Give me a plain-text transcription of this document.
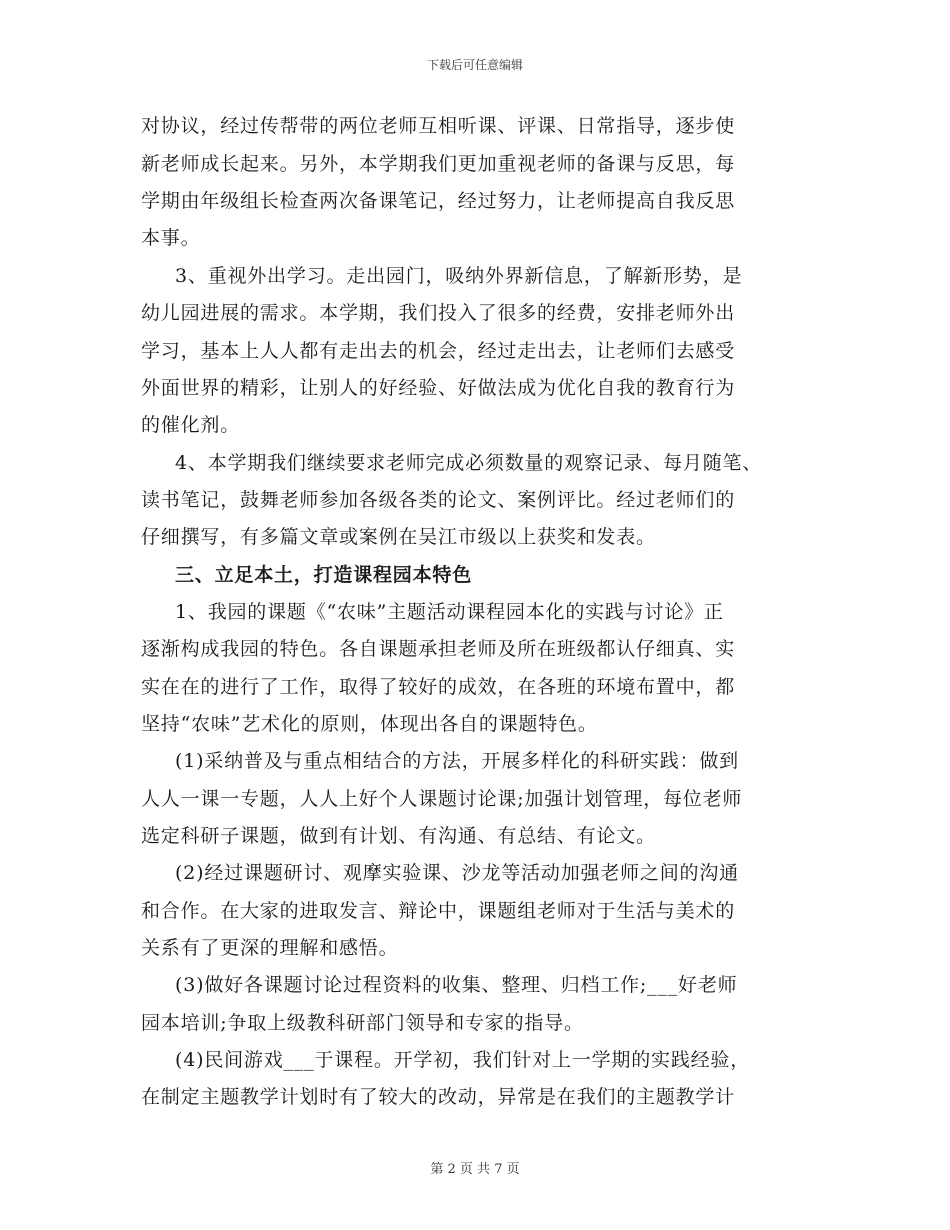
下载后可任意编辑
对协议，经过传帮带的两位老师互相听课、评课、日常指导，逐步使
新老师成长起来。另外，本学期我们更加重视老师的备课与反思，每
学期由年级组长检查两次备课笔记，经过努力，让老师提高自我反思
本事。
3、重视外出学习。走出园门，吸纳外界新信息，了解新形势，是
幼儿园进展的需求。本学期，我们投入了很多的经费，安排老师外出
学习，基本上人人都有走出去的机会，经过走出去，让老师们去感受
外面世界的精彩，让别人的好经验、好做法成为优化自我的教育行为
的催化剂。
4、本学期我们继续要求老师完成必须数量的观察记录、每月随笔、
读书笔记，鼓舞老师参加各级各类的论文、案例评比。经过老师们的
仔细撰写，有多篇文章或案例在吴江市级以上获奖和发表。
三、立足本土，打造课程园本特色
1、我园的课题《“农味”主题活动课程园本化的实践与讨论》正
逐渐构成我园的特色。各自课题承担老师及所在班级都认仔细真、实
实在在的进行了工作，取得了较好的成效，在各班的环境布置中，都
坚持“农味”艺术化的原则，体现出各自的课题特色。
(1)采纳普及与重点相结合的方法，开展多样化的科研实践：做到
人人一课一专题，人人上好个人课题讨论课;加强计划管理，每位老师
选定科研子课题，做到有计划、有沟通、有总结、有论文。
(2)经过课题研讨、观摩实验课、沙龙等活动加强老师之间的沟通
和合作。在大家的进取发言、辩论中，课题组老师对于生活与美术的
关系有了更深的理解和感悟。
(3)做好各课题讨论过程资料的收集、整理、归档工作;___好老师
园本培训;争取上级教科研部门领导和专家的指导。
(4)民间游戏___于课程。开学初，我们针对上一学期的实践经验，
在制定主题教学计划时有了较大的改动，异常是在我们的主题教学计
第 2 页 共 7 页
